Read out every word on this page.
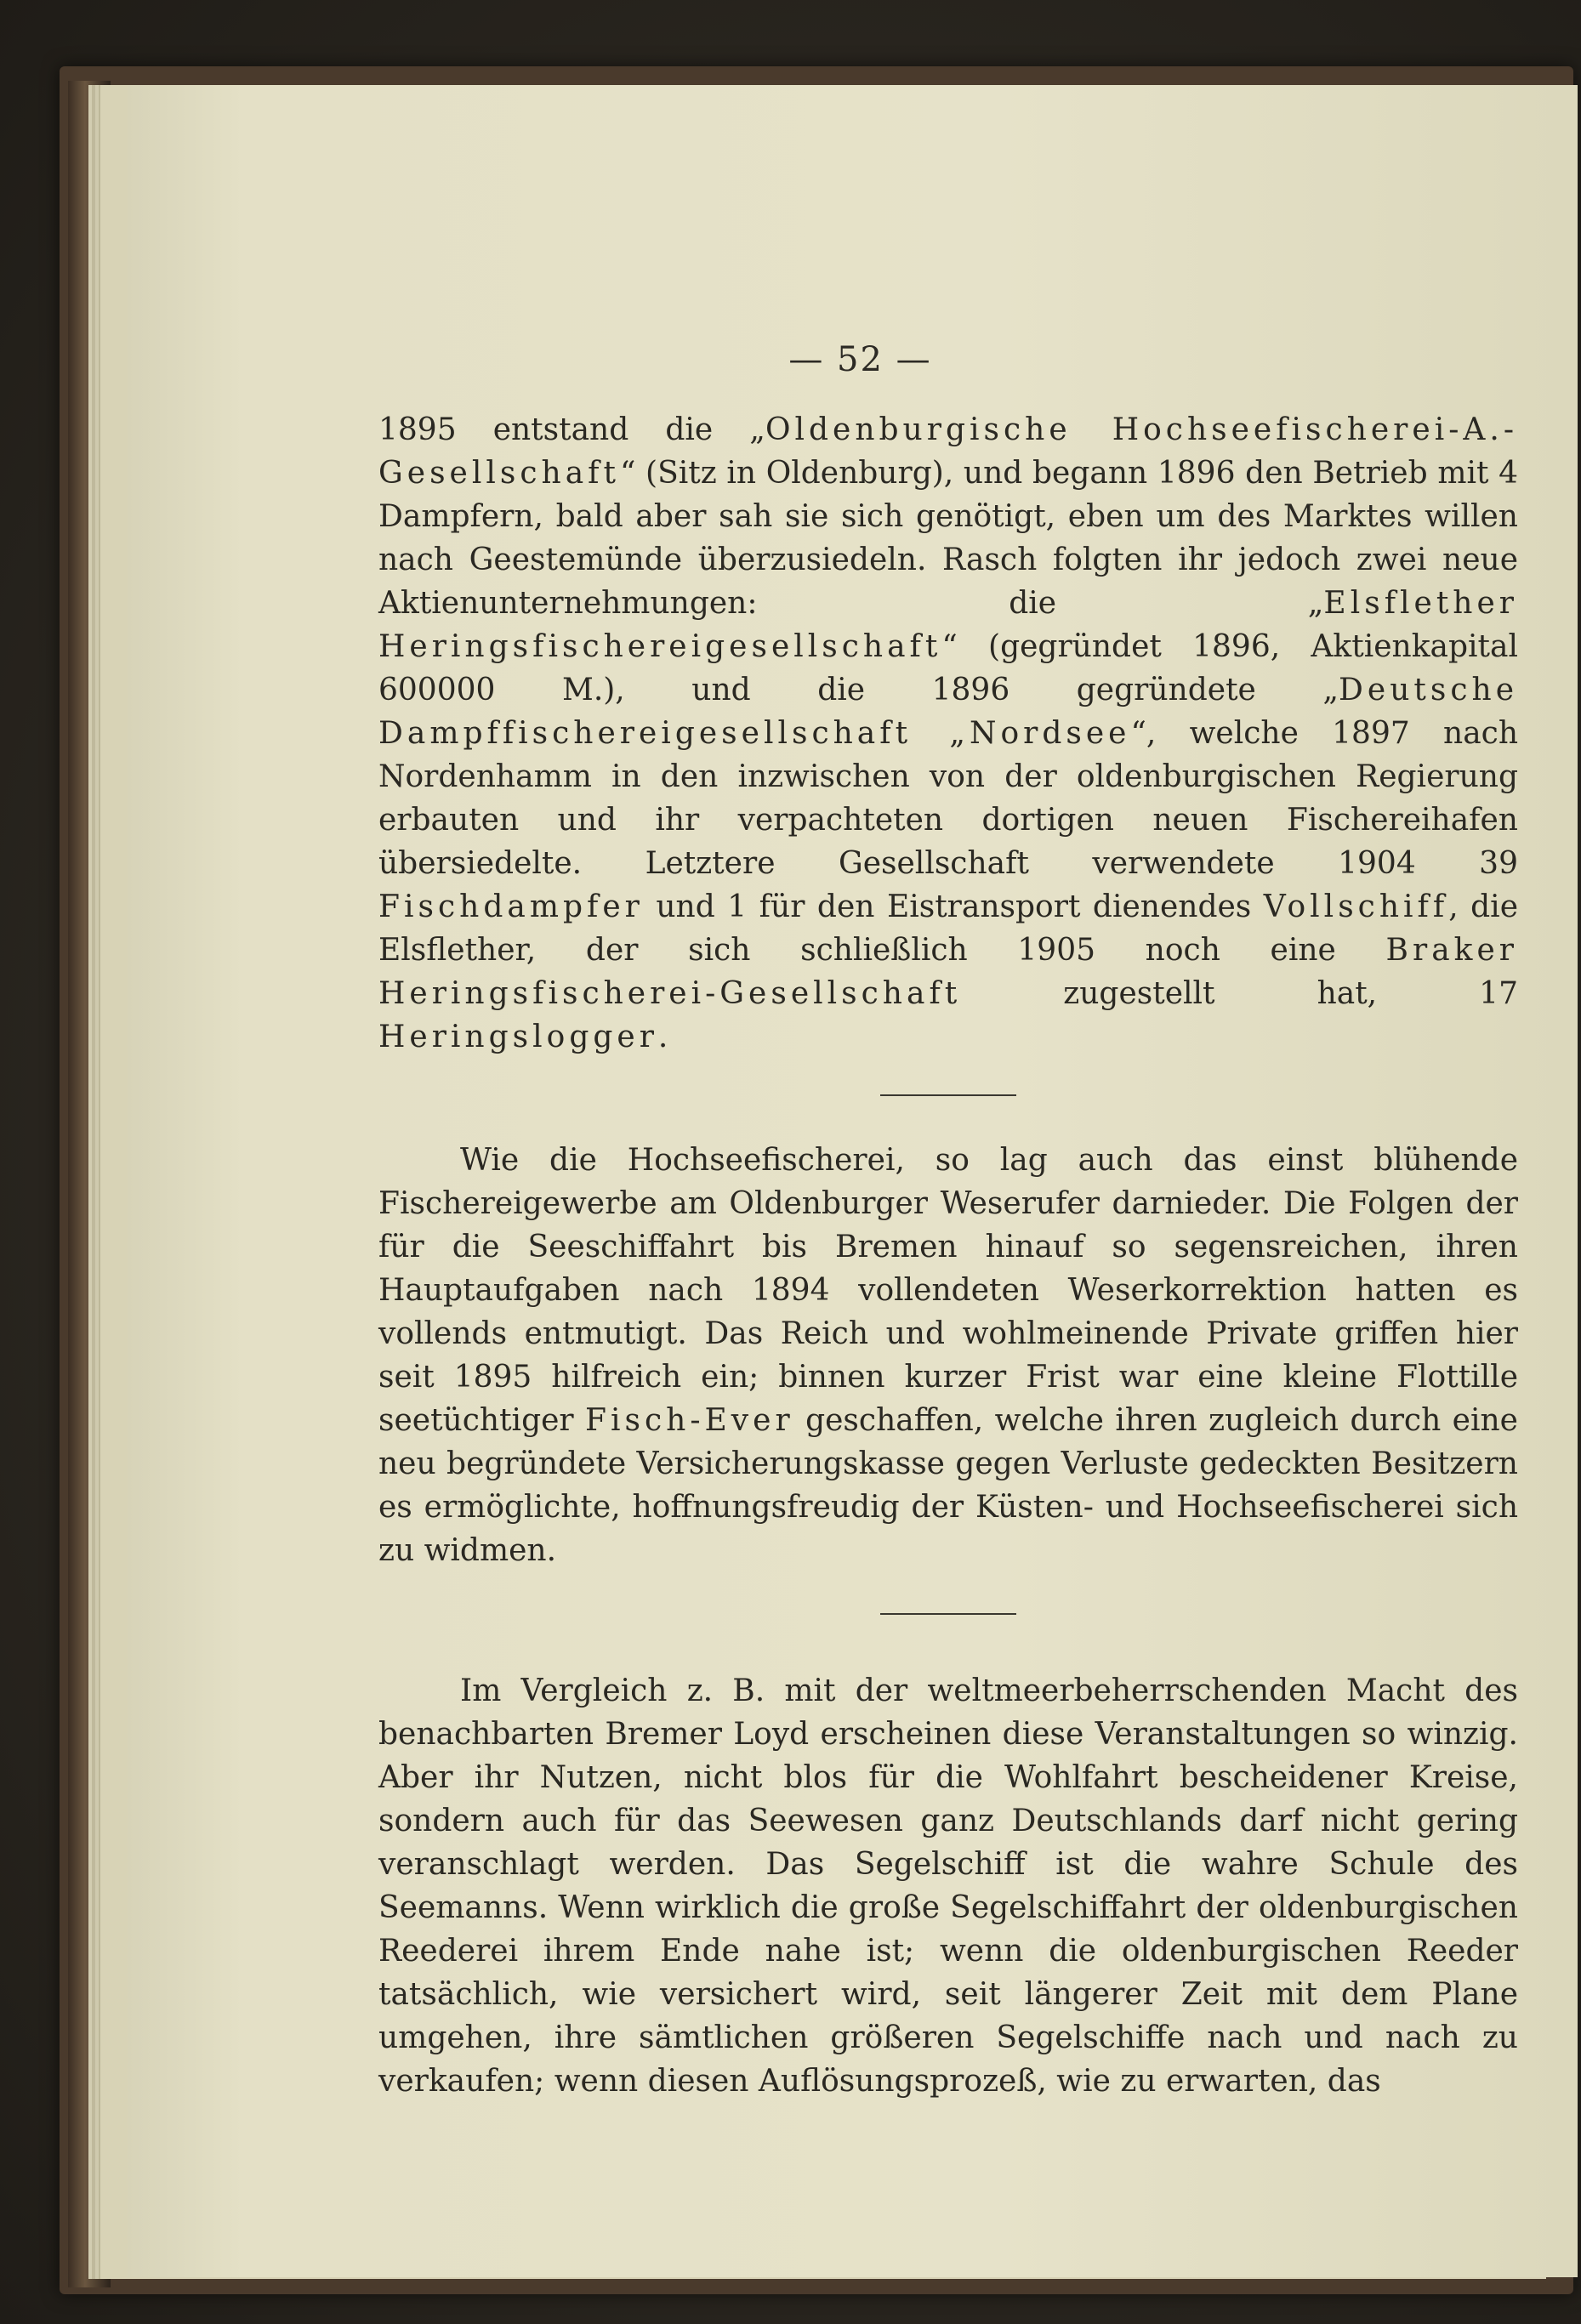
— 52 —

1895 entstand die „Oldenburgische Hochseefischerei-A.-Gesellschaft“ (Sitz in Oldenburg), und begann 1896 den Betrieb mit 4 Dampfern, bald aber sah sie sich genötigt, eben um des Marktes willen nach Geestemünde überzusiedeln. Rasch folgten ihr jedoch zwei neue Aktienunternehmungen: die „Elsflether Heringsfischereigesellschaft“ (gegründet 1896, Aktienkapital 600000 M.), und die 1896 gegründete „Deutsche Dampffischereigesellschaft „Nordsee“, welche 1897 nach Nordenhamm in den inzwischen von der oldenburgischen Regierung erbauten und ihr verpachteten dortigen neuen Fischereihafen übersiedelte. Letztere Gesellschaft verwendete 1904 39 Fischdampfer und 1 für den Eistransport dienendes Vollschiff, die Elsflether, der sich schließlich 1905 noch eine Braker Heringsfischerei-Gesellschaft zugestellt hat, 17 Heringslogger.

Wie die Hochseefischerei, so lag auch das einst blühende Fischereigewerbe am Oldenburger Weserufer darnieder. Die Folgen der für die Seeschiffahrt bis Bremen hinauf so segensreichen, ihren Hauptaufgaben nach 1894 vollendeten Weserkorrektion hatten es vollends entmutigt. Das Reich und wohlmeinende Private griffen hier seit 1895 hilfreich ein; binnen kurzer Frist war eine kleine Flottille seetüchtiger Fisch-Ever geschaffen, welche ihren zugleich durch eine neu begründete Versicherungskasse gegen Verluste gedeckten Besitzern es ermöglichte, hoffnungsfreudig der Küsten- und Hochseefischerei sich zu widmen.

Im Vergleich z. B. mit der weltmeerbeherrschenden Macht des benachbarten Bremer Loyd erscheinen diese Veranstaltungen so winzig. Aber ihr Nutzen, nicht blos für die Wohlfahrt bescheidener Kreise, sondern auch für das Seewesen ganz Deutschlands darf nicht gering veranschlagt werden. Das Segelschiff ist die wahre Schule des Seemanns. Wenn wirklich die große Segelschiffahrt der oldenburgischen Reederei ihrem Ende nahe ist; wenn die oldenburgischen Reeder tatsächlich, wie versichert wird, seit längerer Zeit mit dem Plane umgehen, ihre sämtlichen größeren Segelschiffe nach und nach zu verkaufen; wenn diesen Auflösungsprozeß, wie zu erwarten, das
